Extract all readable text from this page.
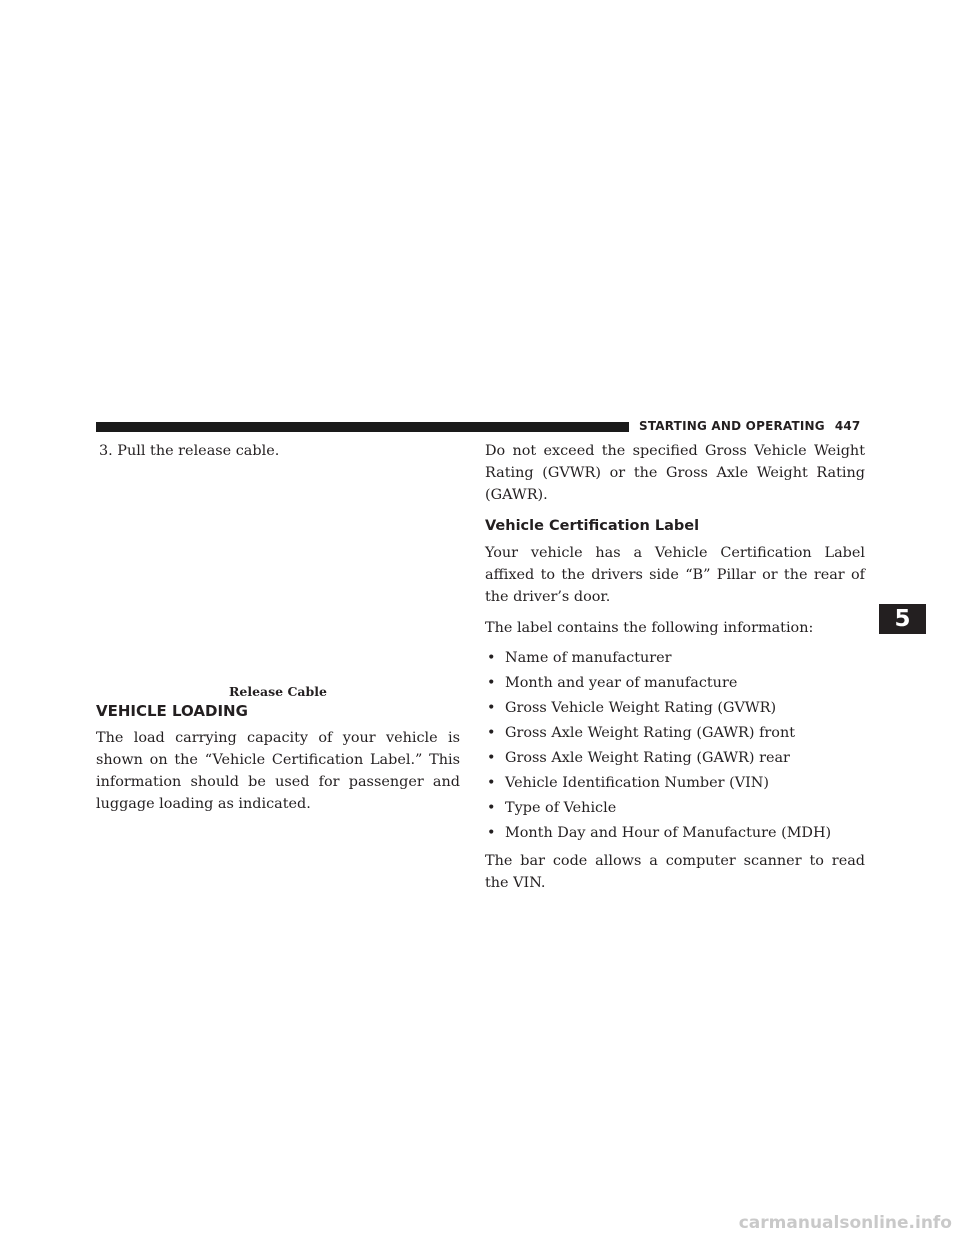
STARTING AND OPERATING 447

3. Pull the release cable.

Release Cable

VEHICLE LOADING

The load carrying capacity of your vehicle is shown on the “Vehicle Certification Label.” This information should be used for passenger and luggage loading as indicated.

Do not exceed the specified Gross Vehicle Weight Rating (GVWR) or the Gross Axle Weight Rating (GAWR).

Vehicle Certification Label

Your vehicle has a Vehicle Certification Label affixed to the drivers side “B” Pillar or the rear of the driver’s door.

The label contains the following information:

• Name of manufacturer
• Month and year of manufacture
• Gross Vehicle Weight Rating (GVWR)
• Gross Axle Weight Rating (GAWR) front
• Gross Axle Weight Rating (GAWR) rear
• Vehicle Identification Number (VIN)
• Type of Vehicle
• Month Day and Hour of Manufacture (MDH)

The bar code allows a computer scanner to read the VIN.

5
carmanualsonline.info
